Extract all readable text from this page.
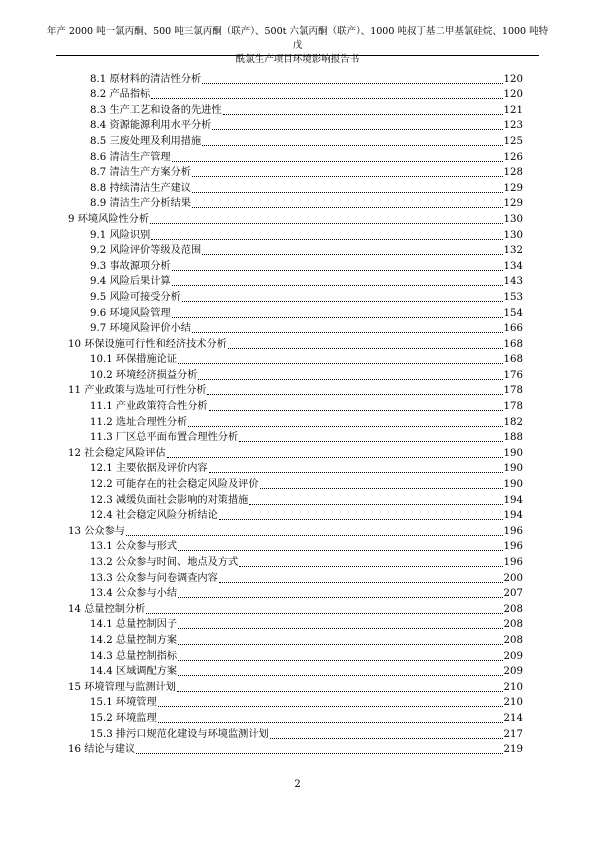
年产 2000 吨一氯丙酮、500 吨三氯丙酮（联产）、500t 六氯丙酮（联产）、1000 吨叔丁基二甲基氯硅烷、1000 吨特戊
酰氯生产项目环境影响报告书
8.1 原材料的清洁性分析	120
8.2 产品指标	120
8.3 生产工艺和设备的先进性	121
8.4 资源能源利用水平分析	123
8.5 三废处理及利用措施	125
8.6 清洁生产管理	126
8.7 清洁生产方案分析	128
8.8 持续清洁生产建议	129
8.9 清洁生产分析结果	129
9 环境风险性分析	130
9.1 风险识别	130
9.2 风险评价等级及范围	132
9.3 事故源项分析	134
9.4 风险后果计算	143
9.5 风险可接受分析	153
9.6 环境风险管理	154
9.7 环境风险评价小结	166
10 环保设施可行性和经济技术分析	168
10.1 环保措施论证	168
10.2 环境经济损益分析	176
11 产业政策与选址可行性分析	178
11.1 产业政策符合性分析	178
11.2 选址合理性分析	182
11.3 厂区总平面布置合理性分析	188
12 社会稳定风险评估	190
12.1 主要依据及评价内容	190
12.2 可能存在的社会稳定风险及评价	190
12.3 减缓负面社会影响的对策措施	194
12.4 社会稳定风险分析结论	194
13 公众参与	196
13.1 公众参与形式	196
13.2 公众参与时间、地点及方式	196
13.3 公众参与问卷调查内容	200
13.4 公众参与小结	207
14 总量控制分析	208
14.1 总量控制因子	208
14.2 总量控制方案	208
14.3 总量控制指标	209
14.4 区域调配方案	209
15 环境管理与监测计划	210
15.1 环境管理	210
15.2 环境监理	214
15.3 排污口规范化建设与环境监测计划	217
16 结论与建议	219
2
